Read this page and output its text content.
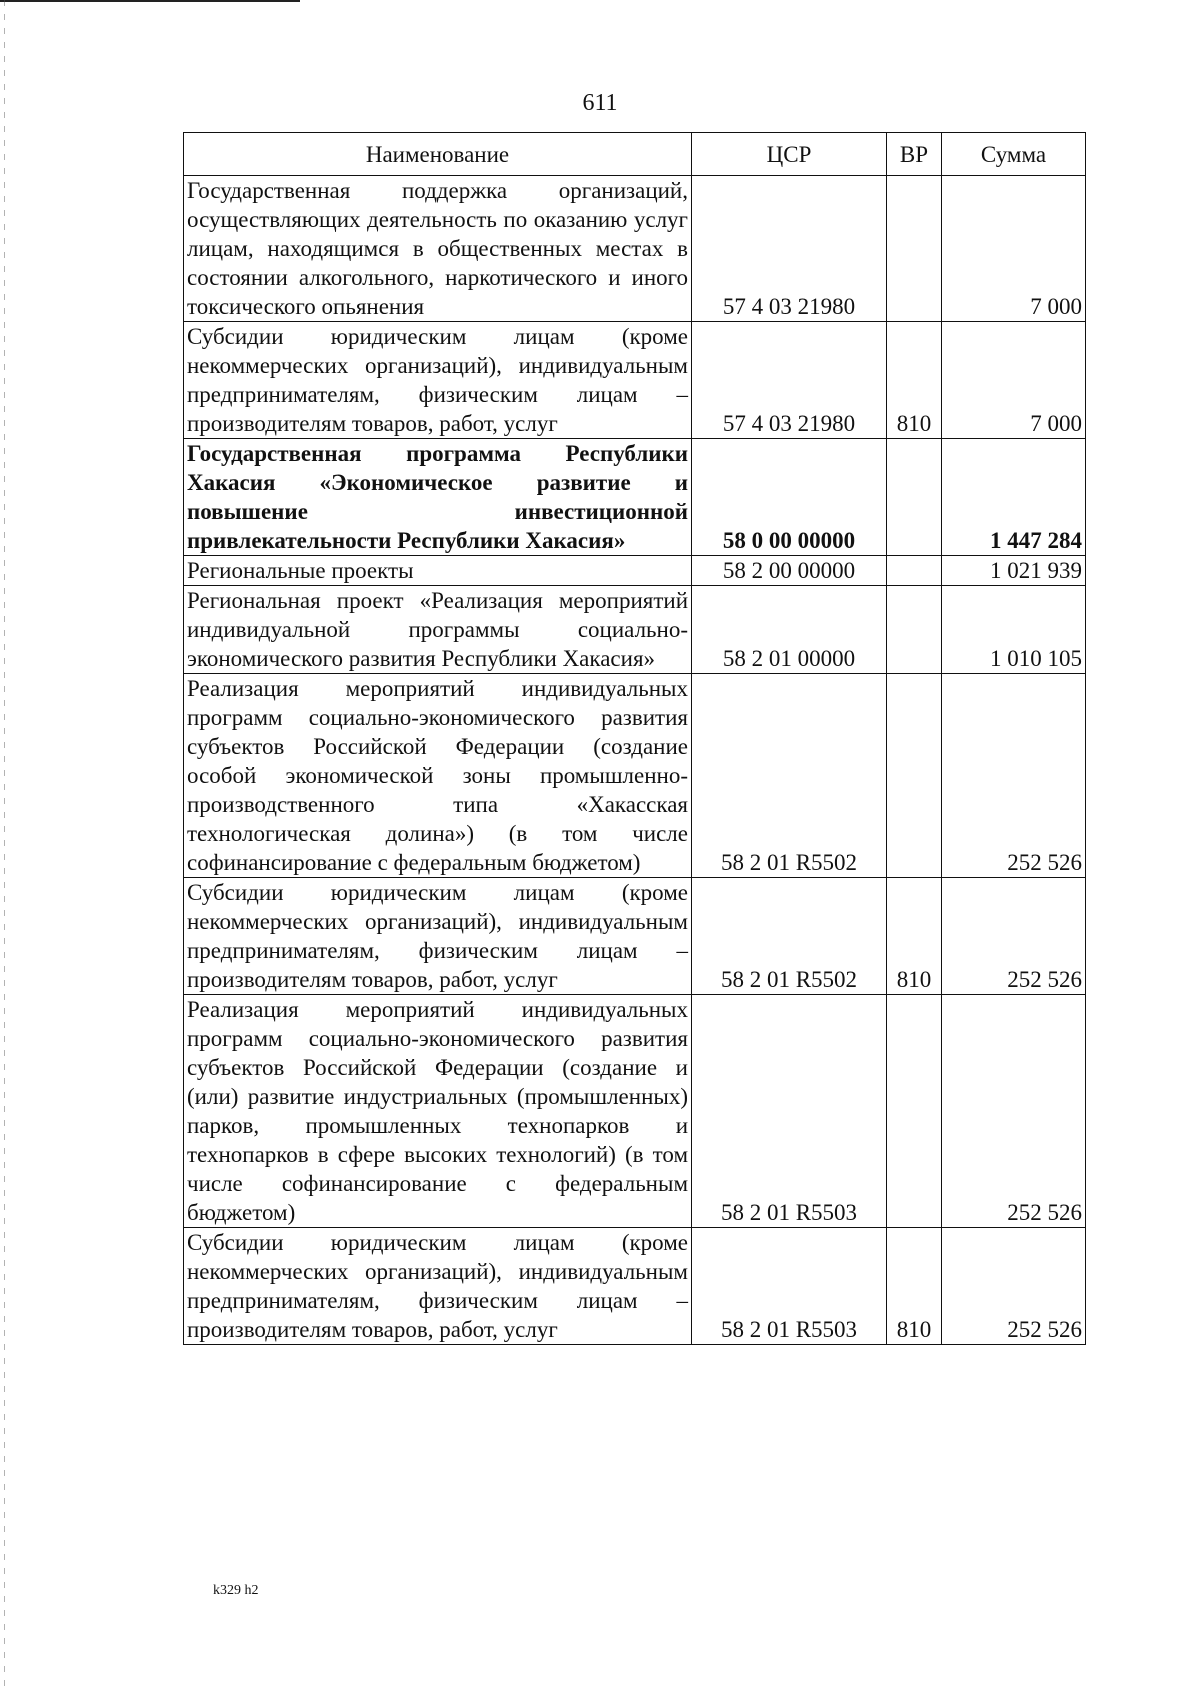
611
Наименование	ЦСР	ВР	Сумма
Государственная поддержка организаций, осуществляющих деятельность по оказанию услуг лицам, находящимся в общественных местах в состоянии алкогольного, наркотического и иного токсического опьянения	57 4 03 21980		7 000
Субсидии юридическим лицам (кроме некоммерческих организаций), индивидуальным предпринимателям, физическим лицам – производителям товаров, работ, услуг	57 4 03 21980	810	7 000
Государственная программа Республики Хакасия «Экономическое развитие и повышение инвестиционной привлекательности Республики Хакасия»	58 0 00 00000		1 447 284
Региональные проекты	58 2 00 00000		1 021 939
Региональная проект «Реализация мероприятий индивидуальной программы социально-экономического развития Республики Хакасия»	58 2 01 00000		1 010 105
Реализация мероприятий индивидуальных программ социально-экономического развития субъектов Российской Федерации (создание особой экономической зоны промышленно-производственного типа «Хакасская технологическая долина») (в том числе софинансирование с федеральным бюджетом)	58 2 01 R5502		252 526
Субсидии юридическим лицам (кроме некоммерческих организаций), индивидуальным предпринимателям, физическим лицам – производителям товаров, работ, услуг	58 2 01 R5502	810	252 526
Реализация мероприятий индивидуальных программ социально-экономического развития субъектов Российской Федерации (создание и (или) развитие индустриальных (промышленных) парков, промышленных технопарков и технопарков в сфере высоких технологий) (в том числе софинансирование с федеральным бюджетом)	58 2 01 R5503		252 526
Субсидии юридическим лицам (кроме некоммерческих организаций), индивидуальным предпринимателям, физическим лицам – производителям товаров, работ, услуг	58 2 01 R5503	810	252 526
k329 h2
